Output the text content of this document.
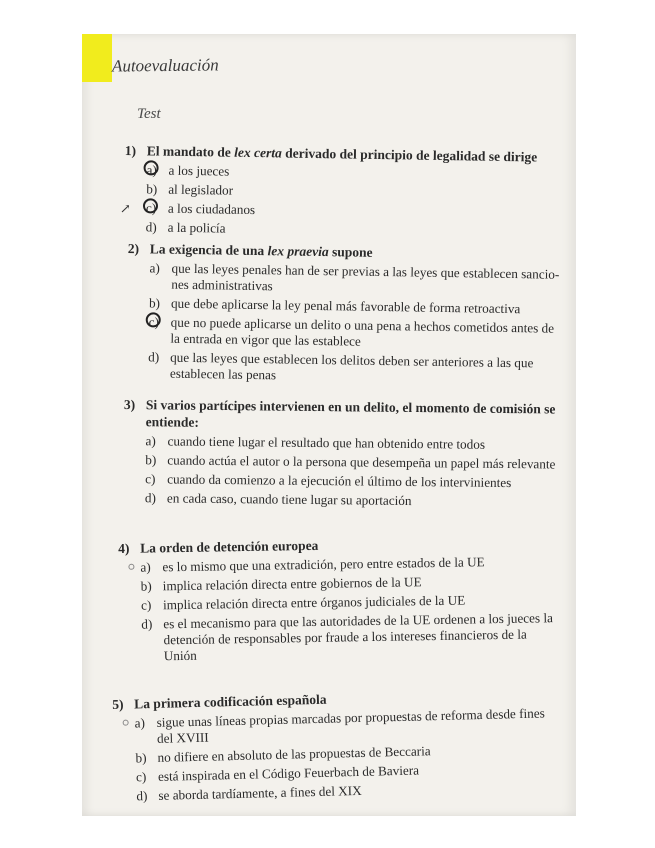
Autoevaluación
Test
1) El mandato de lex certa derivado del principio de legalidad se dirige
a) a los jueces
b) al legislador
↗ c) a los ciudadanos
d) a la policía
2) La exigencia de una lex praevia supone
a) que las leyes penales han de ser previas a las leyes que establecen sancio-nes administrativas
b) que debe aplicarse la ley penal más favorable de forma retroactiva
c) que no puede aplicarse un delito o una pena a hechos cometidos antes de la entrada en vigor que las establece
d) que las leyes que establecen los delitos deben ser anteriores a las que establecen las penas
3) Si varios partícipes intervienen en un delito, el momento de comisión se entiende:
a) cuando tiene lugar el resultado que han obtenido entre todos
b) cuando actúa el autor o la persona que desempeña un papel más relevante
c) cuando da comienzo a la ejecución el último de los intervinientes
d) en cada caso, cuando tiene lugar su aportación
4) La orden de detención europea
a) es lo mismo que una extradición, pero entre estados de la UE
b) implica relación directa entre gobiernos de la UE
c) implica relación directa entre órganos judiciales de la UE
d) es el mecanismo para que las autoridades de la UE ordenen a los jueces la detención de responsables por fraude a los intereses financieros de la Unión
5) La primera codificación española
a) sigue unas líneas propias marcadas por propuestas de reforma desde fines del XVIII
b) no difiere en absoluto de las propuestas de Beccaria
c) está inspirada en el Código Feuerbach de Baviera
d) se aborda tardíamente, a fines del XIX
